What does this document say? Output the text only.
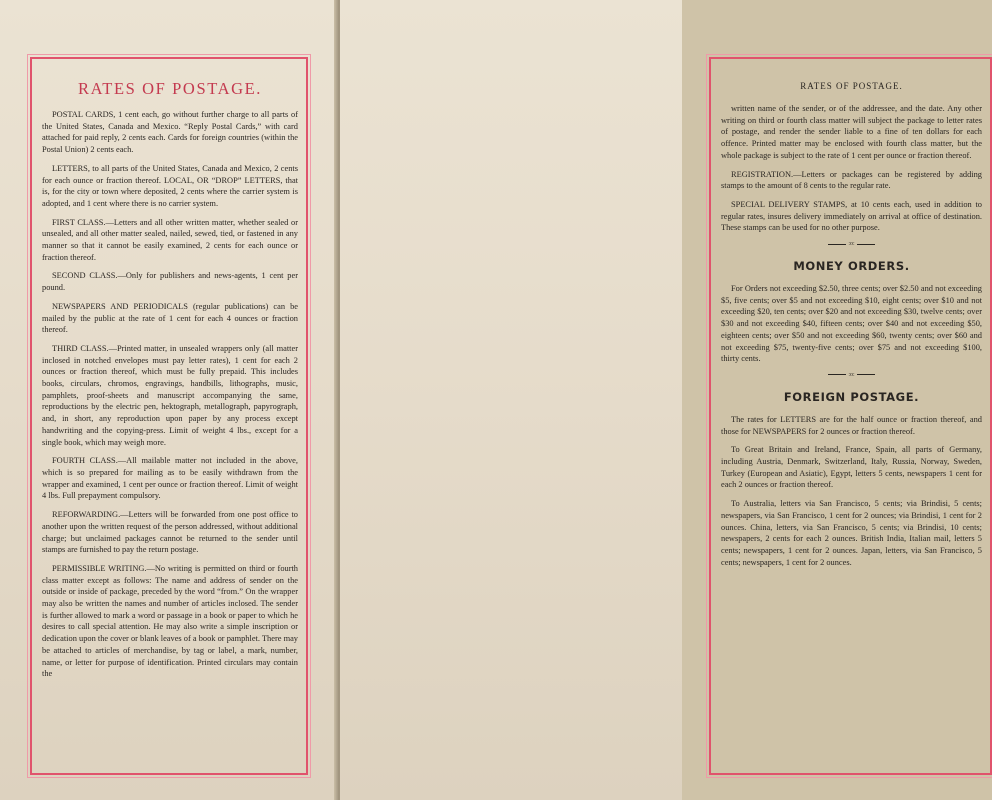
RATES OF POSTAGE.

POSTAL CARDS, 1 cent each, go without further charge to all parts of the United States, Canada and Mexico. “Reply Postal Cards,” with card attached for paid reply, 2 cents each. Cards for foreign countries (within the Postal Union) 2 cents each.

LETTERS, to all parts of the United States, Canada and Mexico, 2 cents for each ounce or fraction thereof. LOCAL, OR “DROP” LETTERS, that is, for the city or town where deposited, 2 cents where the carrier system is adopted, and 1 cent where there is no carrier system.

FIRST CLASS.—Letters and all other written matter, whether sealed or unsealed, and all other matter sealed, nailed, sewed, tied, or fastened in any manner so that it cannot be easily examined, 2 cents for each ounce or fraction thereof.

SECOND CLASS.—Only for publishers and news-agents, 1 cent per pound.

NEWSPAPERS AND PERIODICALS (regular publications) can be mailed by the public at the rate of 1 cent for each 4 ounces or fraction thereof.

THIRD CLASS.—Printed matter, in unsealed wrappers only (all matter inclosed in notched envelopes must pay letter rates), 1 cent for each 2 ounces or fraction thereof, which must be fully prepaid. This includes books, circulars, chromos, engravings, handbills, lithographs, music, pamphlets, proof-sheets and manuscript accompanying the same, reproductions by the electric pen, hektograph, metallograph, papyrograph, and, in short, any reproduction upon paper by any process except handwriting and the copying-press. Limit of weight 4 lbs., except for a single book, which may weigh more.

FOURTH CLASS.—All mailable matter not included in the above, which is so prepared for mailing as to be easily withdrawn from the wrapper and examined, 1 cent per ounce or fraction thereof. Limit of weight 4 lbs. Full prepayment compulsory.

REFORWARDING.—Letters will be forwarded from one post office to another upon the written request of the person addressed, without additional charge; but unclaimed packages cannot be returned to the sender until stamps are furnished to pay the return postage.

PERMISSIBLE WRITING.—No writing is permitted on third or fourth class matter except as follows: The name and address of sender on the outside or inside of package, preceded by the word “from.” On the wrapper may also be written the names and number of articles inclosed. The sender is further allowed to mark a word or passage in a book or paper to which he desires to call special attention. He may also write a simple inscription or dedication upon the cover or blank leaves of a book or pamphlet. There may be attached to articles of merchandise, by tag or label, a mark, number, name, or letter for purpose of identification. Printed circulars may contain the

RATES OF POSTAGE.

written name of the sender, or of the addressee, and the date. Any other writing on third or fourth class matter will subject the package to letter rates of postage, and render the sender liable to a fine of ten dollars for each offence. Printed matter may be enclosed with fourth class matter, but the whole package is subject to the rate of 1 cent per ounce or fraction thereof.

REGISTRATION.—Letters or packages can be registered by adding stamps to the amount of 8 cents to the regular rate.

SPECIAL DELIVERY STAMPS, at 10 cents each, used in addition to regular rates, insures delivery immediately on arrival at office of destination. These stamps can be used for no other purpose.

:o:
MONEY ORDERS.

For Orders not exceeding $2.50, three cents; over $2.50 and not exceeding $5, five cents; over $5 and not exceeding $10, eight cents; over $10 and not exceeding $20, ten cents; over $20 and not exceeding $30, twelve cents; over $30 and not exceeding $40, fifteen cents; over $40 and not exceeding $50, eighteen cents; over $50 and not exceeding $60, twenty cents; over $60 and not exceeding $75, twenty-five cents; over $75 and not exceeding $100, thirty cents.

:o:
FOREIGN POSTAGE.

The rates for LETTERS are for the half ounce or fraction thereof, and those for NEWSPAPERS for 2 ounces or fraction thereof.

To Great Britain and Ireland, France, Spain, all parts of Germany, including Austria, Denmark, Switzerland, Italy, Russia, Norway, Sweden, Turkey (European and Asiatic), Egypt, letters 5 cents, newspapers 1 cent for each 2 ounces or fraction thereof.

To Australia, letters via San Francisco, 5 cents; via Brindisi, 5 cents; newspapers, via San Francisco, 1 cent for 2 ounces; via Brindisi, 1 cent for 2 ounces. China, letters, via San Francisco, 5 cents; via Brindisi, 10 cents; newspapers, 2 cents for each 2 ounces. British India, Italian mail, letters 5 cents; newspapers, 1 cent for 2 ounces. Japan, letters, via San Francisco, 5 cents; newspapers, 1 cent for 2 ounces.
